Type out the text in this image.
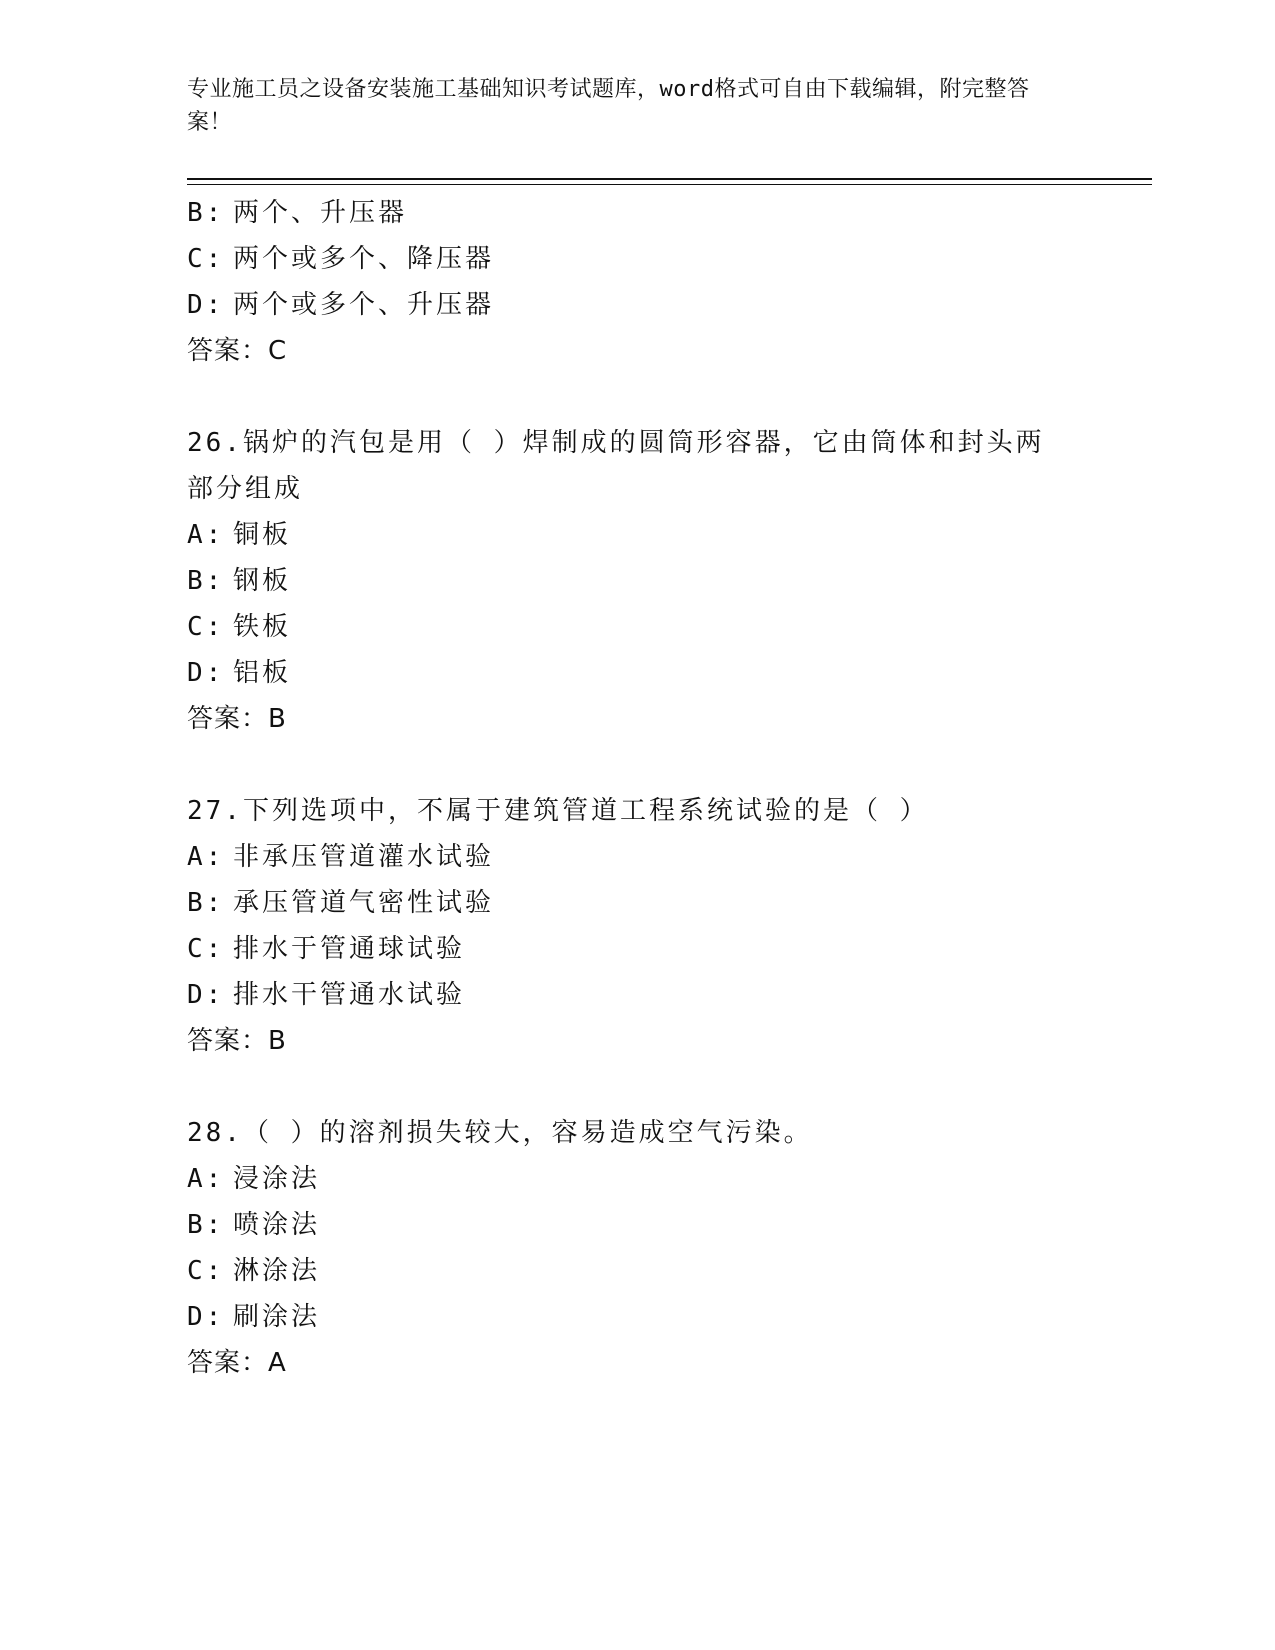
专业施工员之设备安装施工基础知识考试题库，word格式可自由下载编辑，附完整答案！
B: 两个、升压器
C: 两个或多个、降压器
D: 两个或多个、升压器
答案：C
26.锅炉的汽包是用（ ）焊制成的圆筒形容器，它由筒体和封头两部分组成
A: 铜板
B: 钢板
C: 铁板
D: 铝板
答案：B
27.下列选项中，不属于建筑管道工程系统试验的是（ ）
A: 非承压管道灌水试验
B: 承压管道气密性试验
C: 排水于管通球试验
D: 排水干管通水试验
答案：B
28.（ ）的溶剂损失较大，容易造成空气污染。
A: 浸涂法
B: 喷涂法
C: 淋涂法
D: 刷涂法
答案：A
